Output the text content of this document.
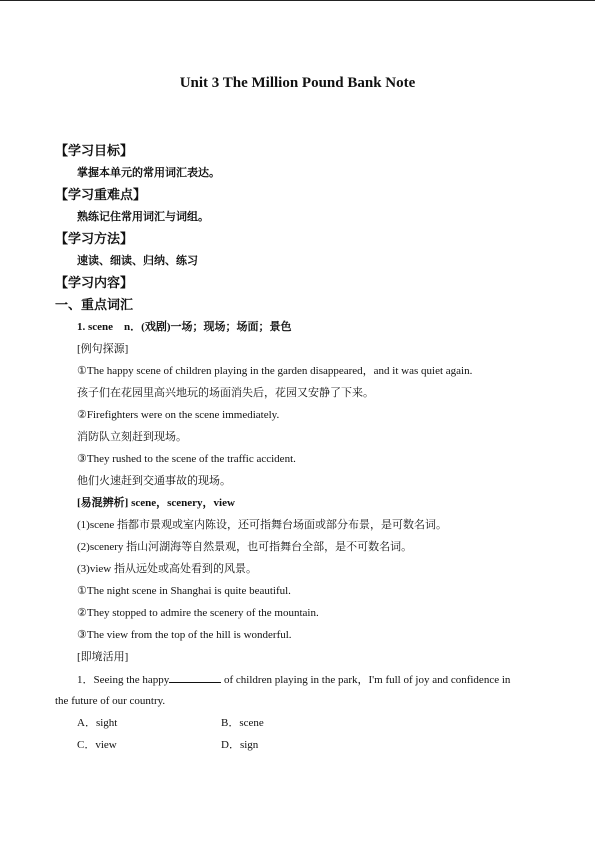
Unit 3 The Million Pound Bank Note
【学习目标】
掌握本单元的常用词汇表达。
【学习重难点】
熟练记住常用词汇与词组。
【学习方法】
速读、细读、归纳、练习
【学习内容】
一、重点词汇
1. scene　n．(戏剧)一场；现场；场面；景色
[例句探源]
①The happy scene of children playing in the garden disappeared，and it was quiet again.
孩子们在花园里高兴地玩的场面消失后，花园又安静了下来。
②Firefighters were on the scene immediately.
消防队立刻赶到现场。
③They rushed to the scene of the traffic accident.
他们火速赶到交通事故的现场。
[易混辨析] scene，scenery，view
(1)scene 指都市景观或室内陈设，还可指舞台场面或部分布景，是可数名词。
(2)scenery 指山河湖海等自然景观，也可指舞台全部，是不可数名词。
(3)view 指从远处或高处看到的风景。
①The night scene in Shanghai is quite beautiful.
②They stopped to admire the scenery of the mountain.
③The view from the top of the hill is wonderful.
[即境活用]
1．Seeing the happy	of children playing in the park，I'm full of joy and confidence in
the future of our country.
A．sight	B．scene
C．view	D．sign
